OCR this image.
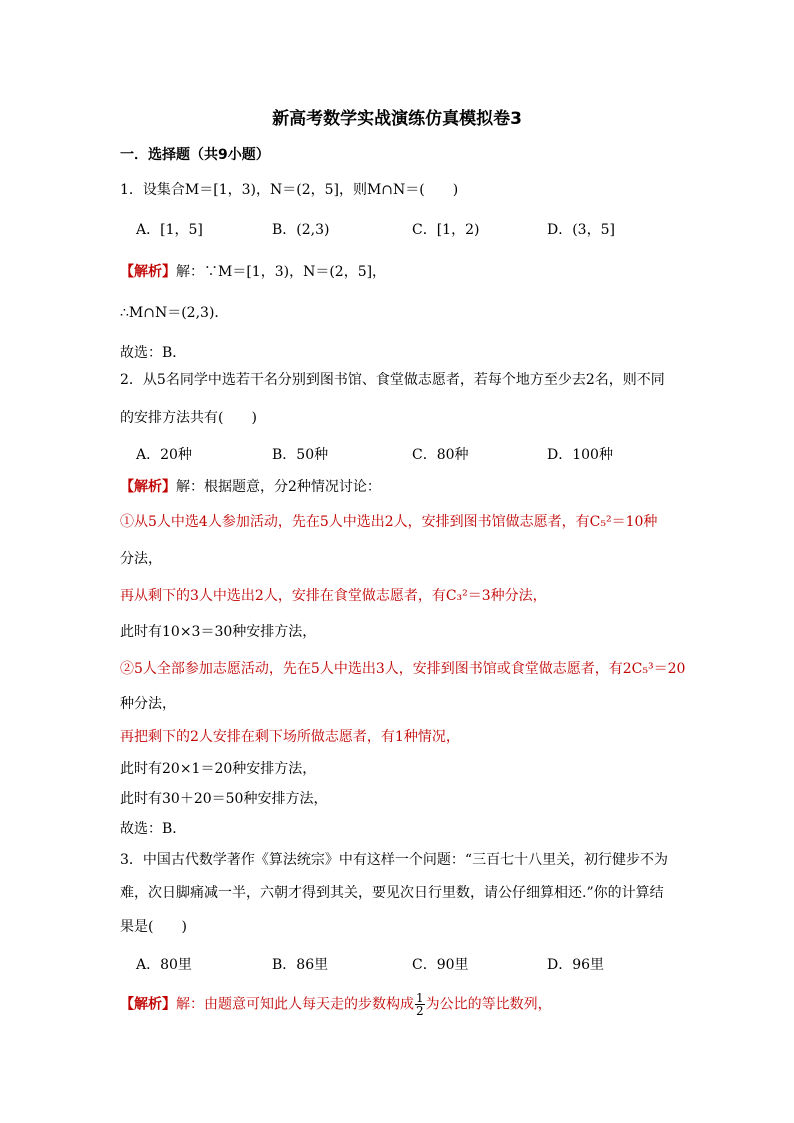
新高考数学实战演练仿真模拟卷3
一．选择题（共9小题）
1．设集合M＝[1，3)，N＝(2，5]，则M∩N＝(　　)
A．[1，5]	B．(2,3)	C．[1，2)	D．(3，5]
【解析】解：∵M＝[1，3)，N＝(2，5]，
∴M∩N＝(2,3)．
故选：B．
2．从5名同学中选若干名分别到图书馆、食堂做志愿者，若每个地方至少去2名，则不同
的安排方法共有(　　)
A．20种	B．50种	C．80种	D．100种
【解析】解：根据题意，分2种情况讨论：
①从5人中选4人参加活动，先在5人中选出2人，安排到图书馆做志愿者，有C₅²＝10种
分法，
再从剩下的3人中选出2人，安排在食堂做志愿者，有C₃²＝3种分法，
此时有10×3＝30种安排方法，
②5人全部参加志愿活动，先在5人中选出3人，安排到图书馆或食堂做志愿者，有2C₅³＝20
种分法，
再把剩下的2人安排在剩下场所做志愿者，有1种情况，
此时有20×1＝20种安排方法，
此时有30＋20＝50种安排方法，
故选：B．
3．中国古代数学著作《算法统宗》中有这样一个问题：“三百七十八里关，初行健步不为
难，次日脚痛减一半，六朝才得到其关，要见次日行里数，请公仔细算相还.”你的计算结
果是(　　)
A．80里	B．86里	C．90里	D．96里
【解析】解：由题意可知此人每天走的步数构成 $\frac{1}{2}$ 为公比的等比数列，
